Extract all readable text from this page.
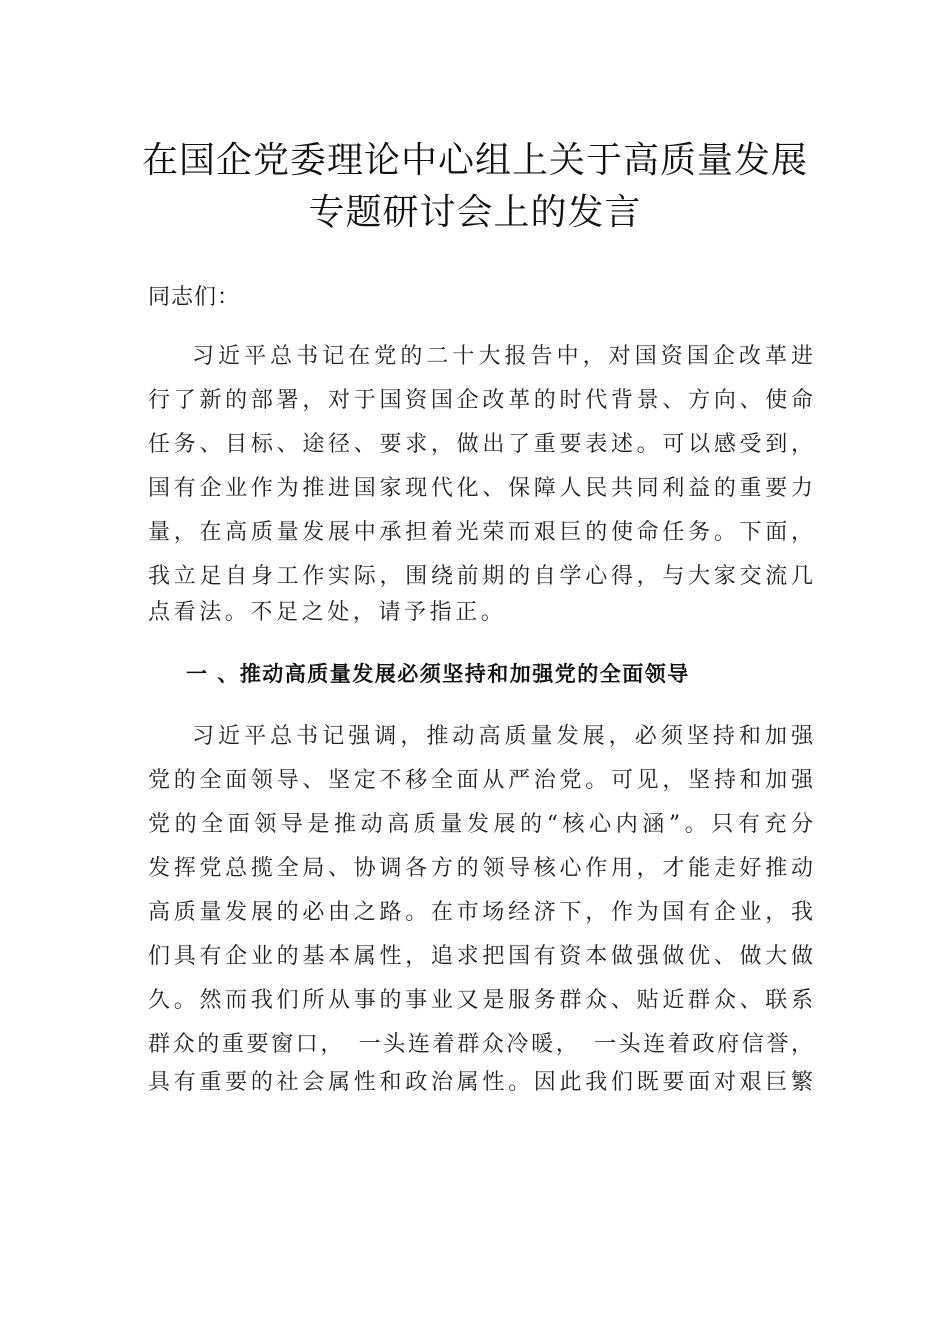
在国企党委理论中心组上关于高质量发展
专题研讨会上的发言
同志们：
习近平总书记在党的二十大报告中，对国资国企改革进
行了新的部署，对于国资国企改革的时代背景、方向、使命
任务、目标、途径、要求，做出了重要表述。可以感受到，
国有企业作为推进国家现代化、保障人民共同利益的重要力
量，在高质量发展中承担着光荣而艰巨的使命任务。下面，
我立足自身工作实际，围绕前期的自学心得，与大家交流几
点看法。不足之处，请予指正。
一 、推动高质量发展必须坚持和加强党的全面领导
习近平总书记强调，推动高质量发展，必须坚持和加强
党的全面领导、坚定不移全面从严治党。可见，坚持和加强
党的全面领导是推动高质量发展的“核心内涵”。只有充分
发挥党总揽全局、协调各方的领导核心作用，才能走好推动
高质量发展的必由之路。在市场经济下，作为国有企业，我
们具有企业的基本属性，追求把国有资本做强做优、做大做
久。然而我们所从事的事业又是服务群众、贴近群众、联系
群众的重要窗口，　一头连着群众冷暖，　一头连着政府信誉，
具有重要的社会属性和政治属性。因此我们既要面对艰巨繁
